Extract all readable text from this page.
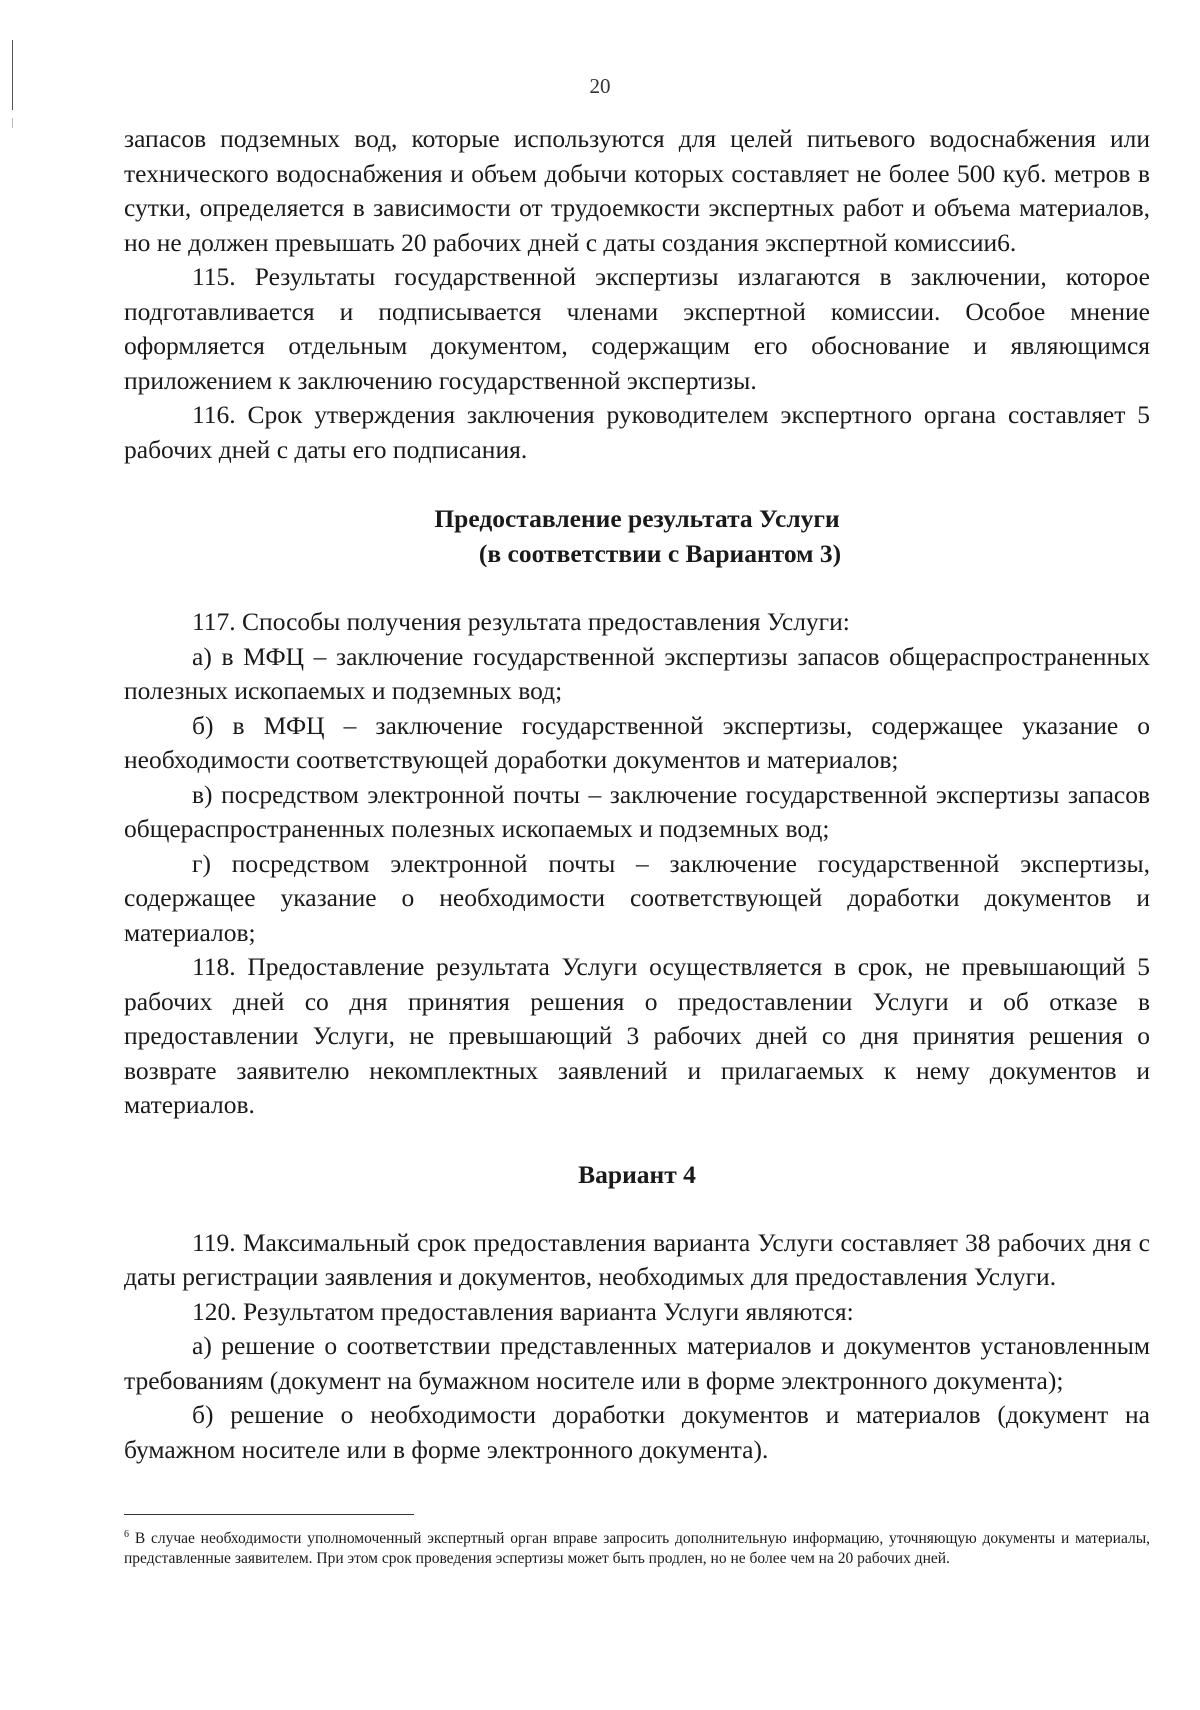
20

запасов подземных вод, которые используются для целей питьевого водоснабжения или технического водоснабжения и объем добычи которых составляет не более 500 куб. метров в сутки, определяется в зависимости от трудоемкости экспертных работ и объема материалов, но не должен превышать 20 рабочих дней с даты создания экспертной комиссии6.

115. Результаты государственной экспертизы излагаются в заключении, которое подготавливается и подписывается членами экспертной комиссии. Особое мнение оформляется отдельным документом, содержащим его обоснование и являющимся приложением к заключению государственной экспертизы.

116. Срок утверждения заключения руководителем экспертного органа составляет 5 рабочих дней с даты его подписания.

Предоставление результата Услуги

(в соответствии с Вариантом 3)

117. Способы получения результата предоставления Услуги:

а) в МФЦ – заключение государственной экспертизы запасов общераспространенных полезных ископаемых и подземных вод;

б) в МФЦ – заключение государственной экспертизы, содержащее указание о необходимости соответствующей доработки документов и материалов;

в) посредством электронной почты – заключение государственной экспертизы запасов общераспространенных полезных ископаемых и подземных вод;

г) посредством электронной почты – заключение государственной экспертизы, содержащее указание о необходимости соответствующей доработки документов и материалов;

118. Предоставление результата Услуги осуществляется в срок, не превышающий 5 рабочих дней со дня принятия решения о предоставлении Услуги и об отказе в предоставлении Услуги, не превышающий 3 рабочих дней со дня принятия решения о возврате заявителю некомплектных заявлений и прилагаемых к нему документов и материалов.

Вариант 4

119. Максимальный срок предоставления варианта Услуги составляет 38 рабочих дня с даты регистрации заявления и документов, необходимых для предоставления Услуги.

120. Результатом предоставления варианта Услуги являются:

а) решение о соответствии представленных материалов и документов установленным требованиям (документ на бумажном носителе или в форме электронного документа);

б) решение о необходимости доработки документов и материалов (документ на бумажном носителе или в форме электронного документа).

$^6$ В случае необходимости уполномоченный экспертный орган вправе запросить дополнительную информацию, уточняющую документы и материалы, представленные заявителем. При этом срок проведения эспертизы может быть продлен, но не более чем на 20 рабочих дней.
